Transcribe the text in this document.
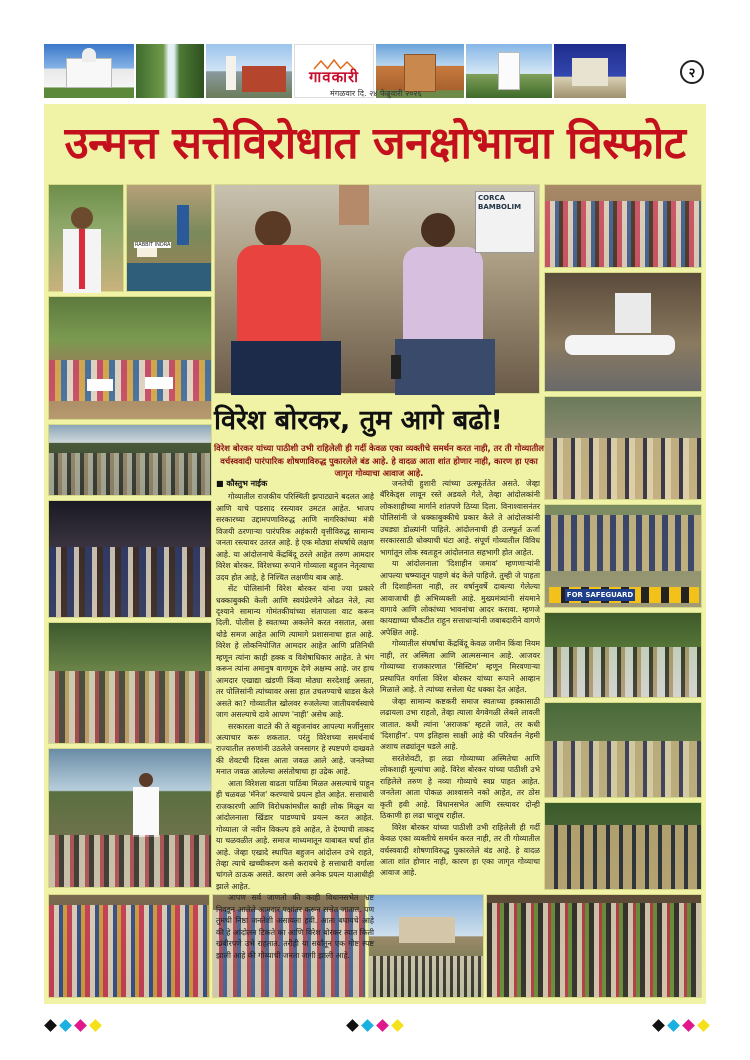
गावकारी
मंगळवार दि. २४ फेब्रुवारी २०२६
२
उन्मत्त सत्तेविरोधात जनक्षोभाचा विस्फोट
CORCA BAMBOLIM
FOR SAFEGUARD
विरेश बोरकर, तुम आगे बढो!
विरेश बोरकर यांच्या पाठीशी उभी राहिलेली ही गर्दी केवळ एका व्यक्तीचे समर्थन करत नाही, तर ती गोव्यातील वर्चस्ववादी पारंपारिक शोषणाविरुद्ध पुकारलेले बंड आहे. हे वादळ आता शांत होणार नाही, कारण हा एका जागृत गोव्याचा आवाज आहे.
■ कौस्तुभ नाईक

गोव्यातील राजकीय परिस्थिती झपाट्याने बदलत आहे आणि याचे पडसाद रस्त्यावर उमटत आहेत. भाजप सरकारच्या उद्दामपणाविरुद्ध आणि नागरिकांच्या मंत्री विजयी ठरणाऱ्या पारंपरिक अहंकारी वृत्तीविरुद्ध सामान्य जनता रस्त्यावर उतरत आहे. हे एक मोठ्या संघर्षाचे लक्षण आहे. या आंदोलनाचे केंद्रबिंदू ठरले आहेत तरुण आमदार विरेश बोरकर. विरेशच्या रूपाने गोव्याला बहुजन नेतृत्वाचा उदय होत आहे, हे निश्चित लक्षणीय बाब आहे.

सेंट पोलिसांनी विरेश बोरकर यांना ज्या प्रकारे धक्काबुक्की केली आणि स्वयंप्रेरणेने ओढत नेले, त्या दृश्याने सामान्य गोमंतकीयांच्या संतापाला वाट करून दिली. पोलीस हे स्वतःच्या अकलेने करत नसतात, असा थोडे समज आहेत आणि त्यामागे प्रशासनाचा हात आहे. विरेश हे लोकनियोजित आमदार आहेत आणि प्रतिनिधी म्हणून त्यांना काही हक्क व विशेषाधिकार आहेत. ते भंग करून त्यांना अमानुष वागणूक देणे अक्षम्य आहे. जर हाच आमदार एखाद्या खंडणी किंवा मोठ्या सरदेशाई असता, तर पोलिसांनी त्यांच्यावर असा हात उचलण्याचे धाडस केले असते का? गोव्यातील खोलवर रुजलेल्या जातीयवर्चस्वाचे जाग असल्याचे दावे आपण 'नाही' असेच आहे.

सरकारला वाटते की ते बहुजनांवर आपल्या मर्जीनुसार अत्याचार करू शकतात. परंतु विरेशच्या समर्थनार्थ राज्यातील तरुणांनी उठलेले जनसागर हे स्पष्टपणे दाखवते की शेवटची दिवस आता जवळ आले आहे. जनतेच्या मनात जवळ आलेल्या असंतोषाचा हा उद्रेक आहे.

आता विरेशला वाढता पाठिंबा मिळत असल्याचे पाहून ही चळवळ 'मॅनेज' करण्याचे प्रयत्न होत आहेत. सत्ताधारी राजकारणी आणि विरोधकांमधील काही लोक मिळून या आंदोलनाला खिंडार पाडण्याचे प्रयत्न करत आहेत. गोव्याला जे नवीन विकल्प हवे आहेत, ते देण्याची ताकद या चळवळीत आहे. समाज माध्यमातून याबाबत चर्चा होत आहे. जेव्हा एखादे स्थापित बहुजन आंदोलन उभे राहते, तेव्हा त्याचे खच्चीकरण कसे करायचे हे सत्ताधारी वर्गाला चांगले ठाऊक असते. कारण असे अनेक प्रयत्न याआधीही झाले आहेत.

आपण सर्व जाणतो की काही विधानसभेत भ्रष्ट निवडून आलेले आमदार पक्षांतर करून सत्तेत जातात. पण तुमची निष्ठा जनतेशी असायला हवी. आता बघायचे आहे की हे आंदोलन टिकते का आणि विरेश बोरकर त्यात किती खंबीरपणे उभे राहतात. तरीही या सर्वांतून एक गोष्ट स्पष्ट झाली आहे की गोव्याची जनता जागी झाली आहे.

जनतेची हुशारी त्यांच्या उत्स्फूर्ततेत असते. जेव्हा बॅरिकेड्स लावून रस्ते अडवले गेले, तेव्हा आंदोलकांनी लोकशाहीच्या मार्गाने शांतपणे ठिय्या दिला. विनाश्वासनंतर पोलिसांनी जे धक्काबुक्कीचे प्रकार केले ते आंदोलकांनी उघड्या डोळ्यांनी पाहिले. आंदोलनाची ही उत्स्फूर्त ऊर्जा सरकारसाठी धोक्याची घंटा आहे. संपूर्ण गोव्यातील विविध भागांतून लोक स्वतःहून आंदोलनात सहभागी होत आहेत.

या आंदोलनाला 'दिशाहीन जमाव' म्हणणाऱ्यांनी आपल्या चष्म्यातून पाहणे बंद केले पाहिजे. तुम्ही जे पाहता ती दिशाहीनता नाही, तर वर्षानुवर्षे दाबल्या गेलेल्या आवाजाची ही अभिव्यक्ती आहे. मुख्यमंत्र्यांनी संयमाने वागावे आणि लोकांच्या भावनांचा आदर करावा. म्हणजे कायद्याच्या चौकटीत राहून सत्ताधाऱ्यांनी जबाबदारीने वागणे अपेक्षित आहे.

गोव्यातील संघर्षाचा केंद्रबिंदू केवळ जमीन किंवा नियम नाही, तर अस्मिता आणि आत्मसन्मान आहे. आजवर गोव्याच्या राजकारणात 'सिस्टिम' म्हणून मिरवणाऱ्या प्रस्थापित वर्गाला विरेश बोरकर यांच्या रूपाने आव्हान मिळाले आहे. ते त्यांच्या सत्तेला थेट धक्का देत आहेत.

जेव्हा सामान्य कष्टकरी समाज स्वतःच्या हक्कासाठी लढायला उभा राहतो, तेव्हा त्याला वेगवेगळी लेबले लावली जातात. कधी त्यांना 'अराजक' म्हटले जाते, तर कधी 'दिशाहीन'. पण इतिहास साक्षी आहे की परिवर्तन नेहमी अशाच लढ्यांतून घडले आहे.

सरतेशेवटी, हा लढा गोव्याच्या अस्मितेचा आणि लोकशाही मूल्यांचा आहे. विरेश बोरकर यांच्या पाठीशी उभे राहिलेले तरुण हे नव्या गोव्याचे स्वप्न पाहत आहेत. जनतेला आता पोकळ आश्वासने नको आहेत, तर ठोस कृती हवी आहे. विधानसभेत आणि रस्त्यावर दोन्ही ठिकाणी हा लढा चालूच राहील.

विरेश बोरकर यांच्या पाठीशी उभी राहिलेली ही गर्दी केवळ एका व्यक्तीचे समर्थन करत नाही, तर ती गोव्यातील वर्चस्ववादी शोषणाविरुद्ध पुकारलेले बंड आहे. हे वादळ आता शांत होणार नाही, कारण हा एका जागृत गोव्याचा आवाज आहे.

RABBIT INDRA
